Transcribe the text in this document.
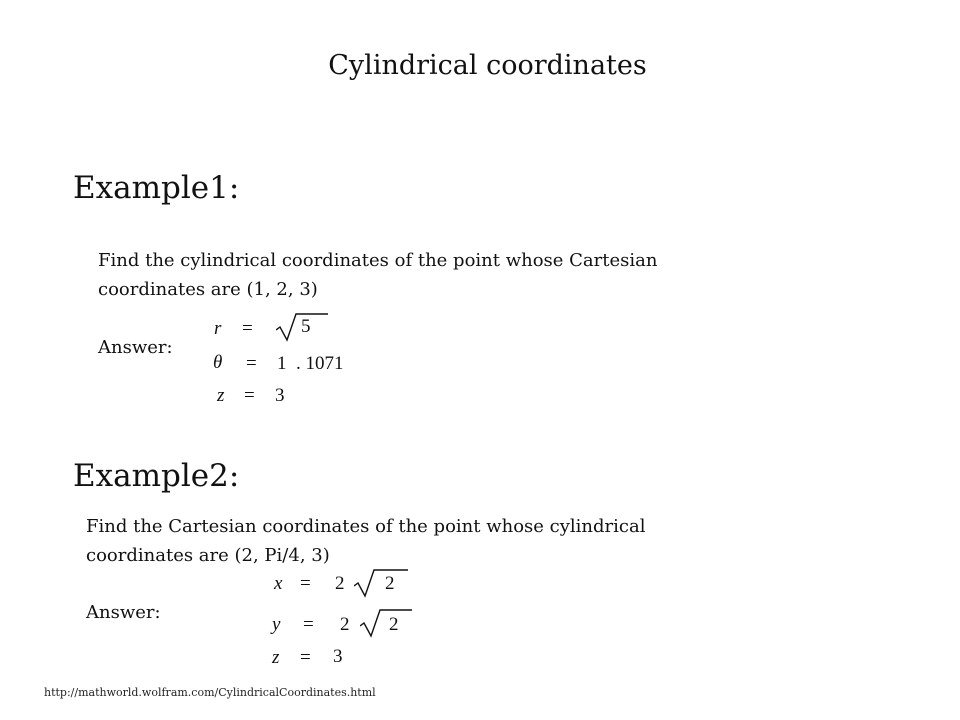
Cylindrical coordinates
Example1:
Find the cylindrical coordinates of the point whose Cartesian
coordinates are (1, 2, 3)
Answer:
r =	5
θ = 1 . 1071
z = 3
Example2:
Find the Cartesian coordinates of the point whose cylindrical
coordinates are (2, Pi/4, 3)
Answer:
x = 2 2
y = 2 2
z = 3
http://mathworld.wolfram.com/CylindricalCoordinates.html
